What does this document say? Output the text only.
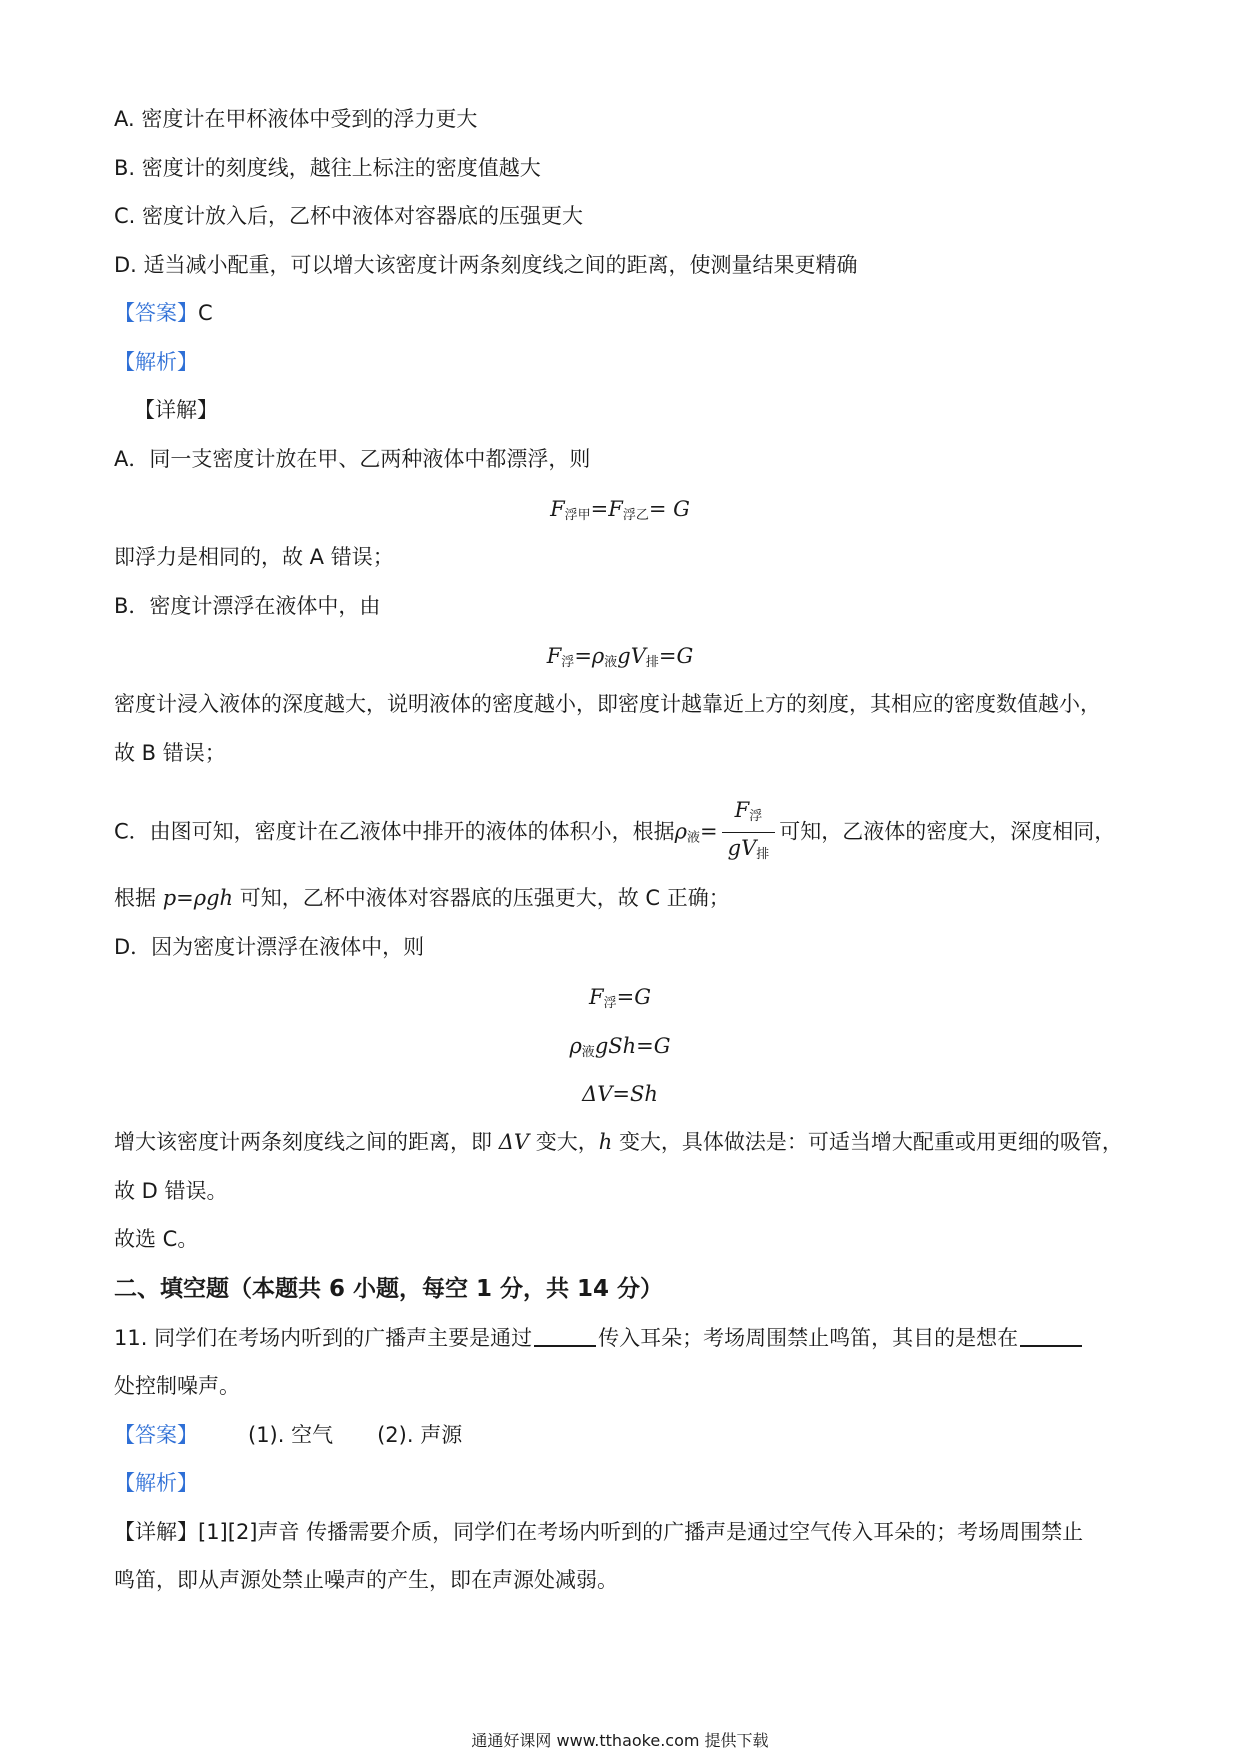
A. 密度计在甲杯液体中受到的浮力更大
B. 密度计的刻度线，越往上标注的密度值越大
C. 密度计放入后，乙杯中液体对容器底的压强更大
D. 适当减小配重，可以增大该密度计两条刻度线之间的距离，使测量结果更精确
【答案】C
【解析】
【详解】
A．同一支密度计放在甲、乙两种液体中都漂浮，则
$F_{浮甲}=F_{浮乙}= G$
即浮力是相同的，故 A 错误；
B．密度计漂浮在液体中，由
$F_浮=\rho_液gV_排=G$
密度计浸入液体的深度越大，说明液体的密度越小，即密度计越靠近上方的刻度，其相应的密度数值越小，
故 B 错误；
C．由图可知，密度计在乙液体中排开的液体的体积小，根据$\rho_液= \frac{F_浮}{gV_排}$ 可知，乙液体的密度大，深度相同，
根据 p=ρgh 可知，乙杯中液体对容器底的压强更大，故 C 正确；
D．因为密度计漂浮在液体中，则
$F_浮=G$
$\rho_液gSh=G$
ΔV=Sh
增大该密度计两条刻度线之间的距离，即 ΔV 变大，h 变大，具体做法是：可适当增大配重或用更细的吸管，
故 D 错误。
故选 C。
二、填空题（本题共 6 小题，每空 1 分，共 14 分）
11. 同学们在考场内听到的广播声主要是通过	传入耳朵；考场周围禁止鸣笛，其目的是想在
处控制噪声。
【答案】 (1). 空气 (2). 声源
【解析】
【详解】[1][2]声音 传播需要介质，同学们在考场内听到的广播声是通过空气传入耳朵的；考场周围禁止
鸣笛，即从声源处禁止噪声的产生，即在声源处减弱。
通通好课网 www.tthaoke.com 提供下载
